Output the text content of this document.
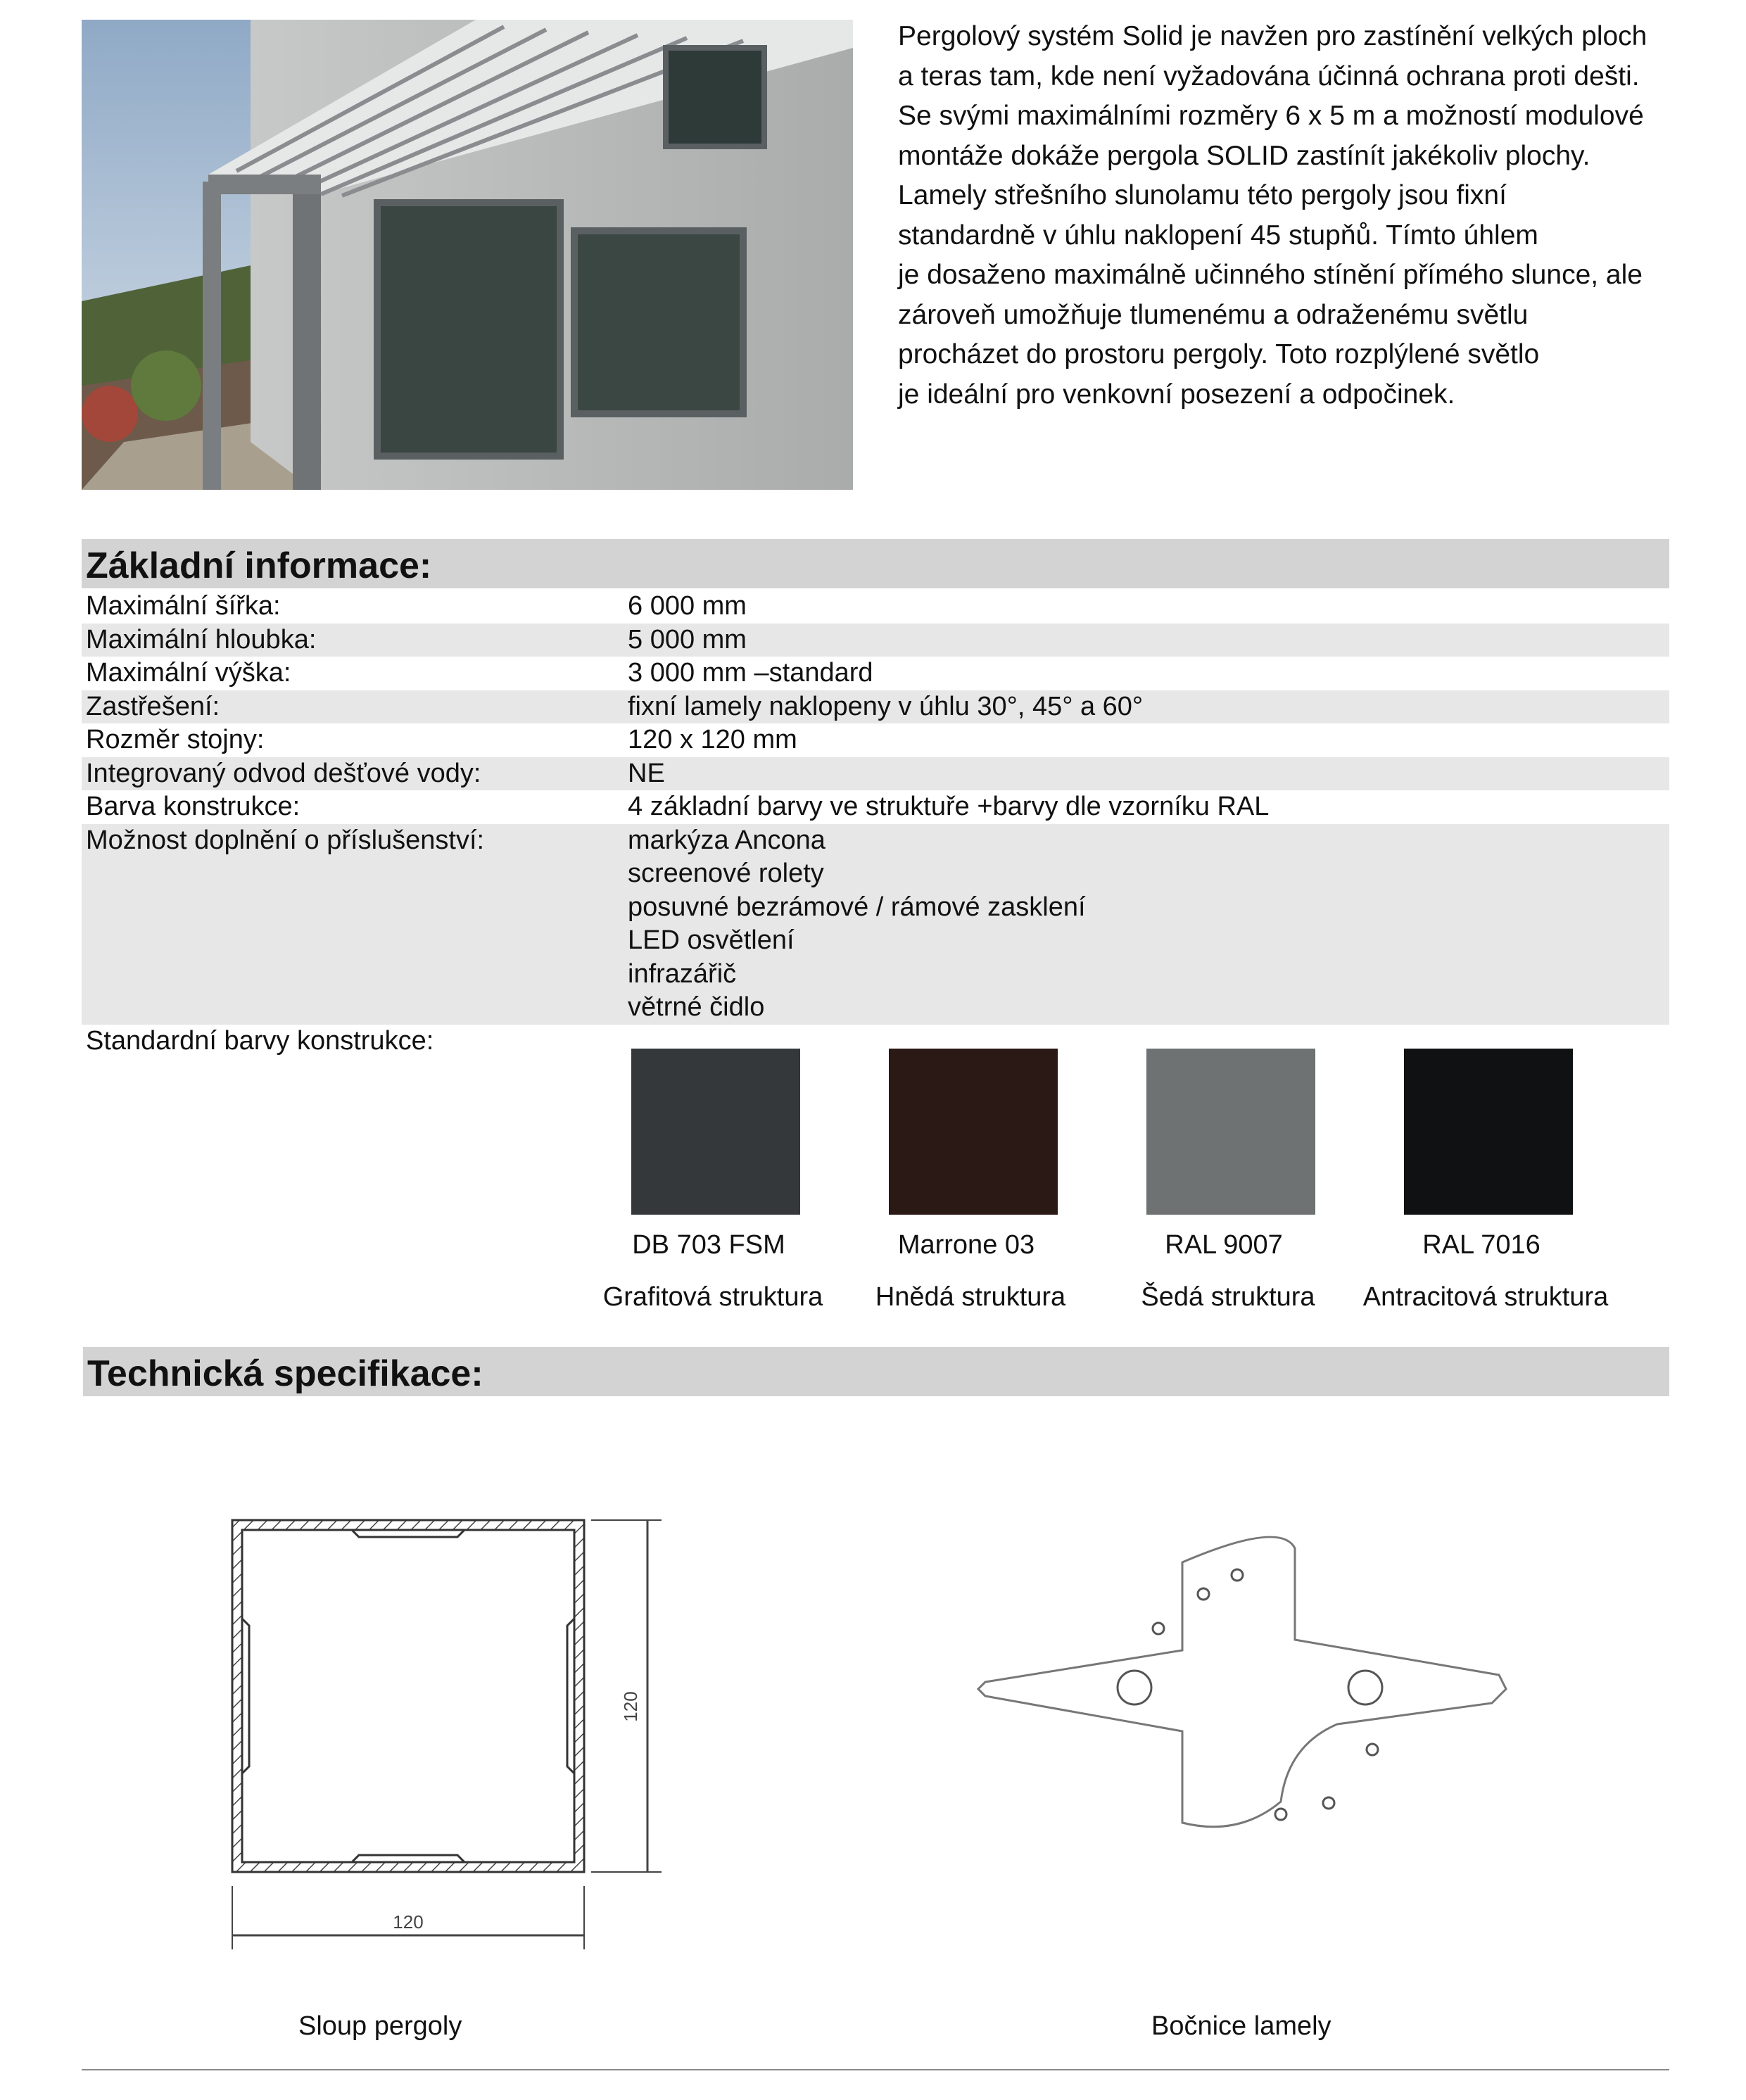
Pergolový systém Solid je navžen pro zastínění velkých ploch

a teras tam, kde není vyžadována účinná ochrana proti dešti.

Se svými maximálními rozměry 6 x 5 m a možností modulové

montáže dokáže pergola SOLID zastínít jakékoliv plochy.

Lamely střešního slunolamu této pergoly jsou fixní

standardně v úhlu naklopení 45 stupňů. Tímto úhlem

je dosaženo maximálně učinného stínění přímého slunce, ale

zároveň umožňuje tlumenému a odraženému světlu

procházet do prostoru pergoly. Toto rozplýlené světlo

je ideální pro venkovní posezení a odpočinek.

Základní informace:
Maximální šířka:	6 000 mm
Maximální hloubka:	5 000 mm
Maximální výška:	3 000 mm –standard
Zastřešení:	fixní lamely naklopeny v úhlu 30°, 45° a 60°
Rozměr stojny:	120 x 120 mm
Integrovaný odvod dešťové vody:	NE
Barva konstrukce:	4 základní barvy ve struktuře +barvy dle vzorníku RAL
Možnost doplnění o příslušenství:	markýza Ancona
screenové rolety
posuvné bezrámové / rámové zasklení
LED osvětlení
infrazářič
větrné čidlo
Standardní barvy konstrukce:
DB 703 FSM	Marrone 03	RAL 9007	RAL 7016
Grafitová struktura	Hnědá struktura	Šedá struktura	Antracitová struktura
Technická specifikace:
120
120
Sloup pergoly	Bočnice lamely
